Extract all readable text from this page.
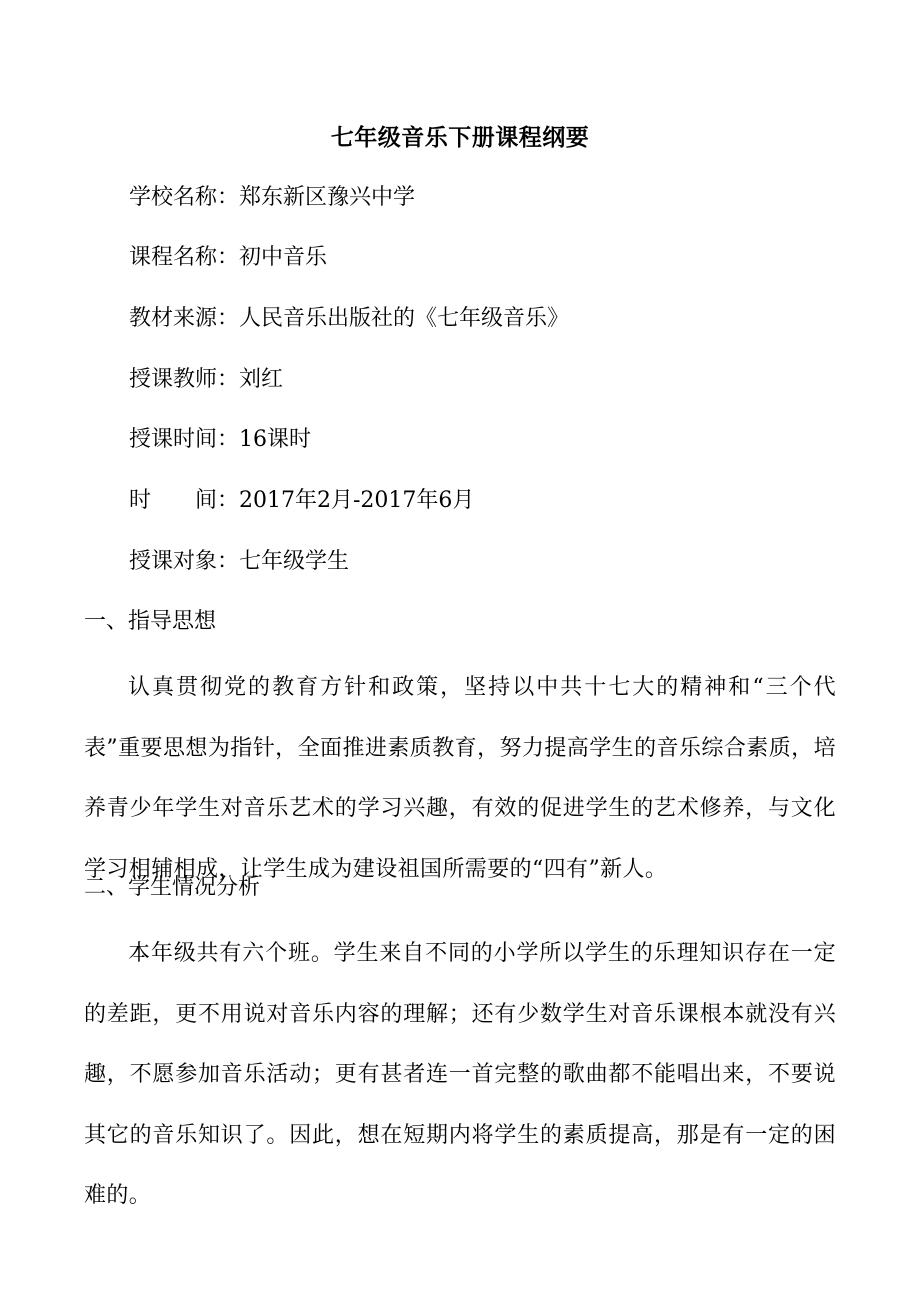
七年级音乐下册课程纲要
学校名称：郑东新区豫兴中学
课程名称：初中音乐
教材来源：人民音乐出版社的《七年级音乐》
授课教师：刘红
授课时间：16课时
时　　间：2017年2月-2017年6月
授课对象：七年级学生
一、指导思想
认真贯彻党的教育方针和政策，坚持以中共十七大的精神和“三个代表”重要思想为指针，全面推进素质教育，努力提高学生的音乐综合素质，培养青少年学生对音乐艺术的学习兴趣，有效的促进学生的艺术修养，与文化学习相辅相成，让学生成为建设祖国所需要的“四有”新人。
二、学生情况分析
本年级共有六个班。学生来自不同的小学所以学生的乐理知识存在一定的差距，更不用说对音乐内容的理解；还有少数学生对音乐课根本就没有兴趣，不愿参加音乐活动；更有甚者连一首完整的歌曲都不能唱出来，不要说其它的音乐知识了。因此，想在短期内将学生的素质提高，那是有一定的困难的。
